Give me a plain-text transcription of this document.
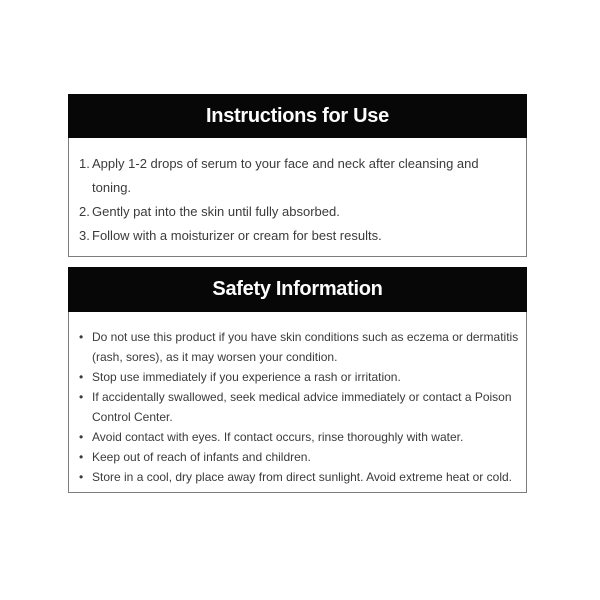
Instructions for Use
1. Apply 1-2 drops of serum to your face and neck after cleansing and toning.
2. Gently pat into the skin until fully absorbed.
3. Follow with a moisturizer or cream for best results.
Safety Information
• Do not use this product if you have skin conditions such as eczema or dermatitis (rash, sores), as it may worsen your condition.
• Stop use immediately if you experience a rash or irritation.
• If accidentally swallowed, seek medical advice immediately or contact a Poison Control Center.
• Avoid contact with eyes. If contact occurs, rinse thoroughly with water.
• Keep out of reach of infants and children.
• Store in a cool, dry place away from direct sunlight. Avoid extreme heat or cold.
